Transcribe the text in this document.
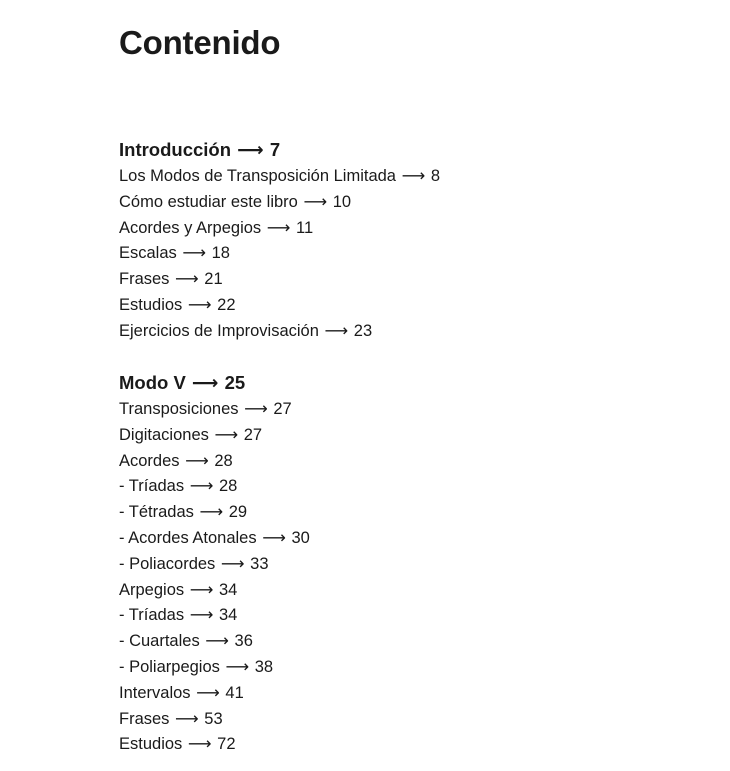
Contenido
Introducción ⟶ 7
Los Modos de Transposición Limitada ⟶ 8
Cómo estudiar este libro ⟶ 10
Acordes y Arpegios ⟶ 11
Escalas ⟶ 18
Frases ⟶ 21
Estudios ⟶ 22
Ejercicios de Improvisación ⟶ 23
Modo V ⟶ 25
Transposiciones ⟶ 27
Digitaciones ⟶ 27
Acordes ⟶ 28
- Tríadas ⟶ 28
- Tétradas ⟶ 29
- Acordes Atonales ⟶ 30
- Poliacordes ⟶ 33
Arpegios ⟶ 34
- Tríadas ⟶ 34
- Cuartales ⟶ 36
- Poliarpegios ⟶ 38
Intervalos ⟶ 41
Frases ⟶ 53
Estudios ⟶ 72
